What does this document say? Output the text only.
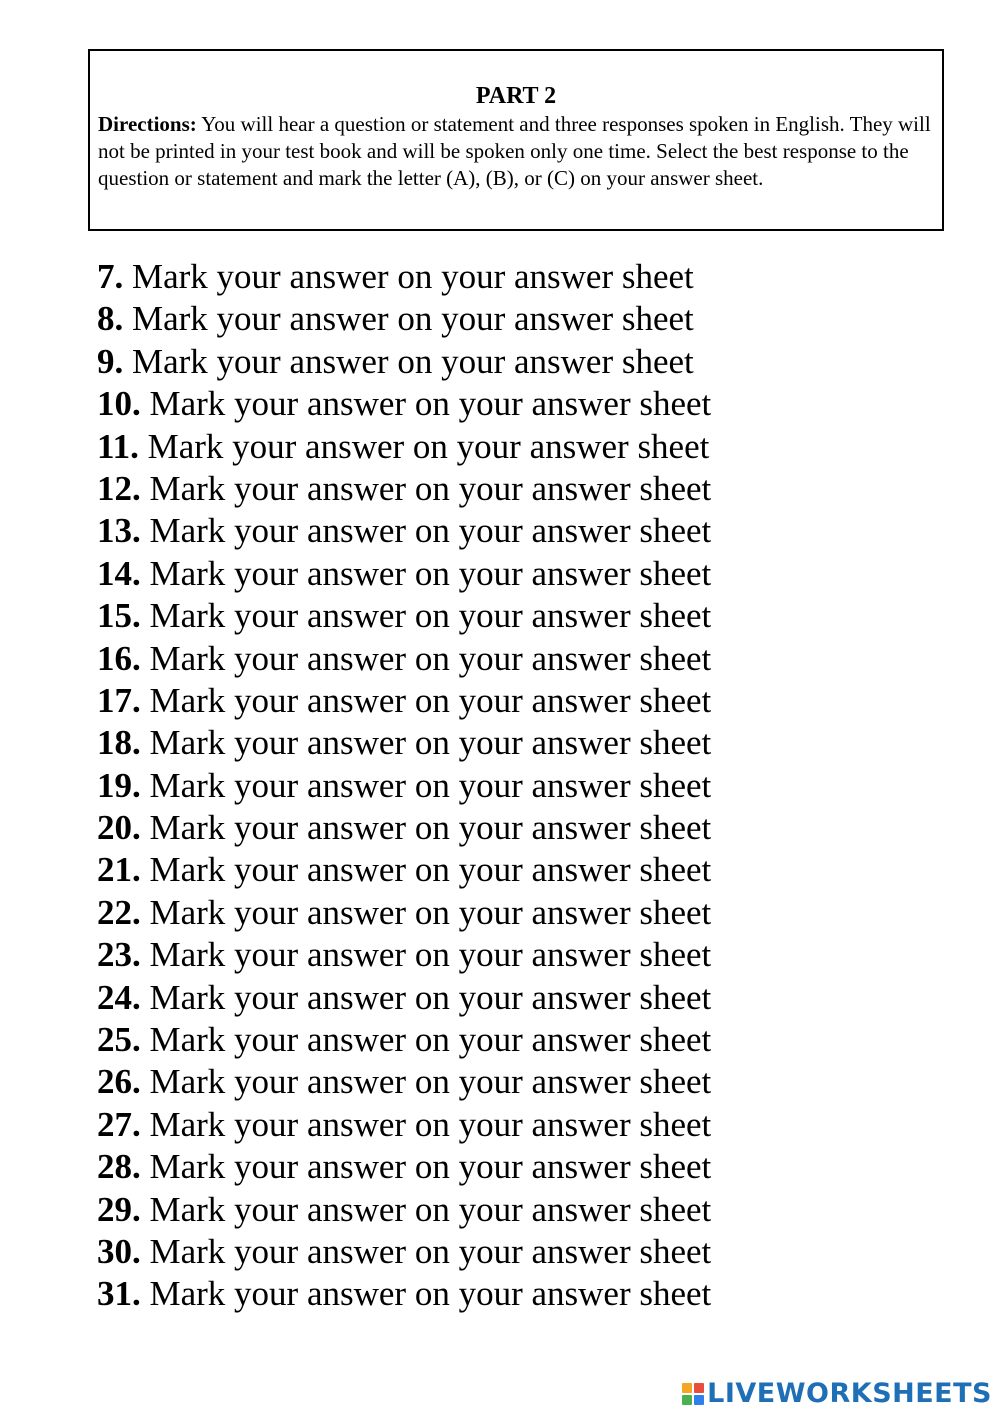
PART 2

Directions: You will hear a question or statement and three responses spoken in English. They will not be printed in your test book and will be spoken only one time. Select the best response to the question or statement and mark the letter (A), (B), or (C) on your answer sheet.

7. Mark your answer on your answer sheet
8. Mark your answer on your answer sheet
9. Mark your answer on your answer sheet
10. Mark your answer on your answer sheet
11. Mark your answer on your answer sheet
12. Mark your answer on your answer sheet
13. Mark your answer on your answer sheet
14. Mark your answer on your answer sheet
15. Mark your answer on your answer sheet
16. Mark your answer on your answer sheet
17. Mark your answer on your answer sheet
18. Mark your answer on your answer sheet
19. Mark your answer on your answer sheet
20. Mark your answer on your answer sheet
21. Mark your answer on your answer sheet
22. Mark your answer on your answer sheet
23. Mark your answer on your answer sheet
24. Mark your answer on your answer sheet
25. Mark your answer on your answer sheet
26. Mark your answer on your answer sheet
27. Mark your answer on your answer sheet
28. Mark your answer on your answer sheet
29. Mark your answer on your answer sheet
30. Mark your answer on your answer sheet
31. Mark your answer on your answer sheet
LIVEWORKSHEETS
